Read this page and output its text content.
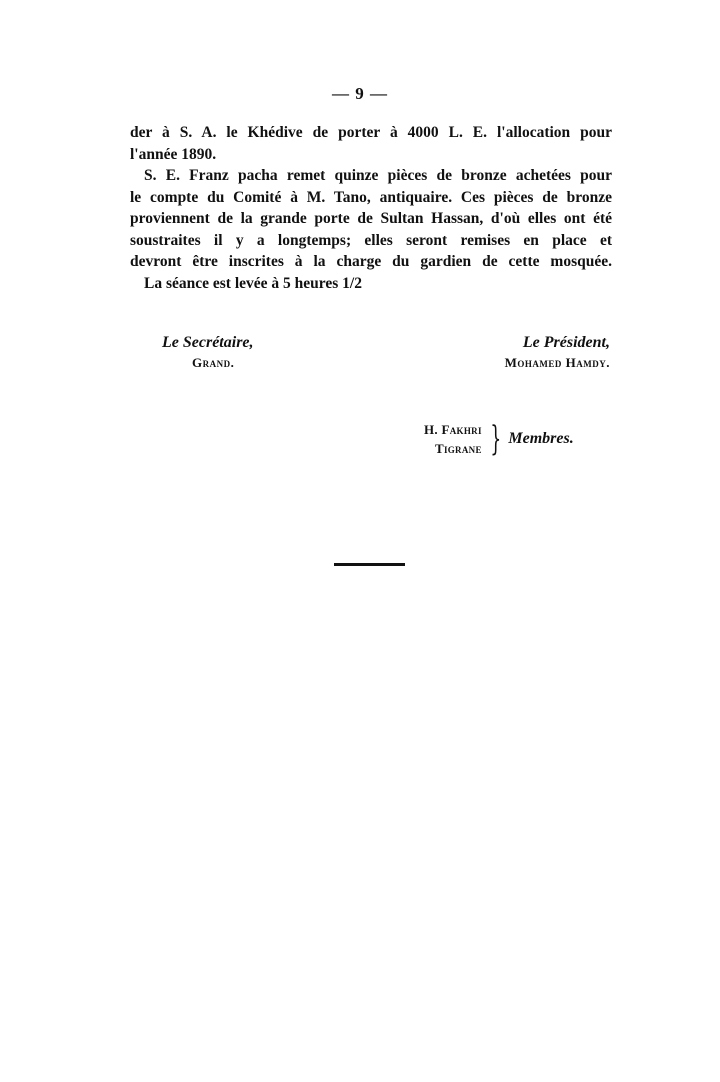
— 9 —

der à S. A. le Khédive de porter à 4000 L. E. l'allocation pour

l'année 1890.

S. E. Franz pacha remet quinze pièces de bronze achetées pour

le compte du Comité à M. Tano, antiquaire. Ces pièces de bronze

proviennent de la grande porte de Sultan Hassan, d'où elles ont été

soustraites il y a longtemps; elles seront remises en place et

devront être inscrites à la charge du gardien de cette mosquée.

La séance est levée à 5 heures 1/2

Le Secrétaire,
Grand.
Le Président,
Mohamed Hamdy.
H. Fakhri
Tigrane } Membres.
